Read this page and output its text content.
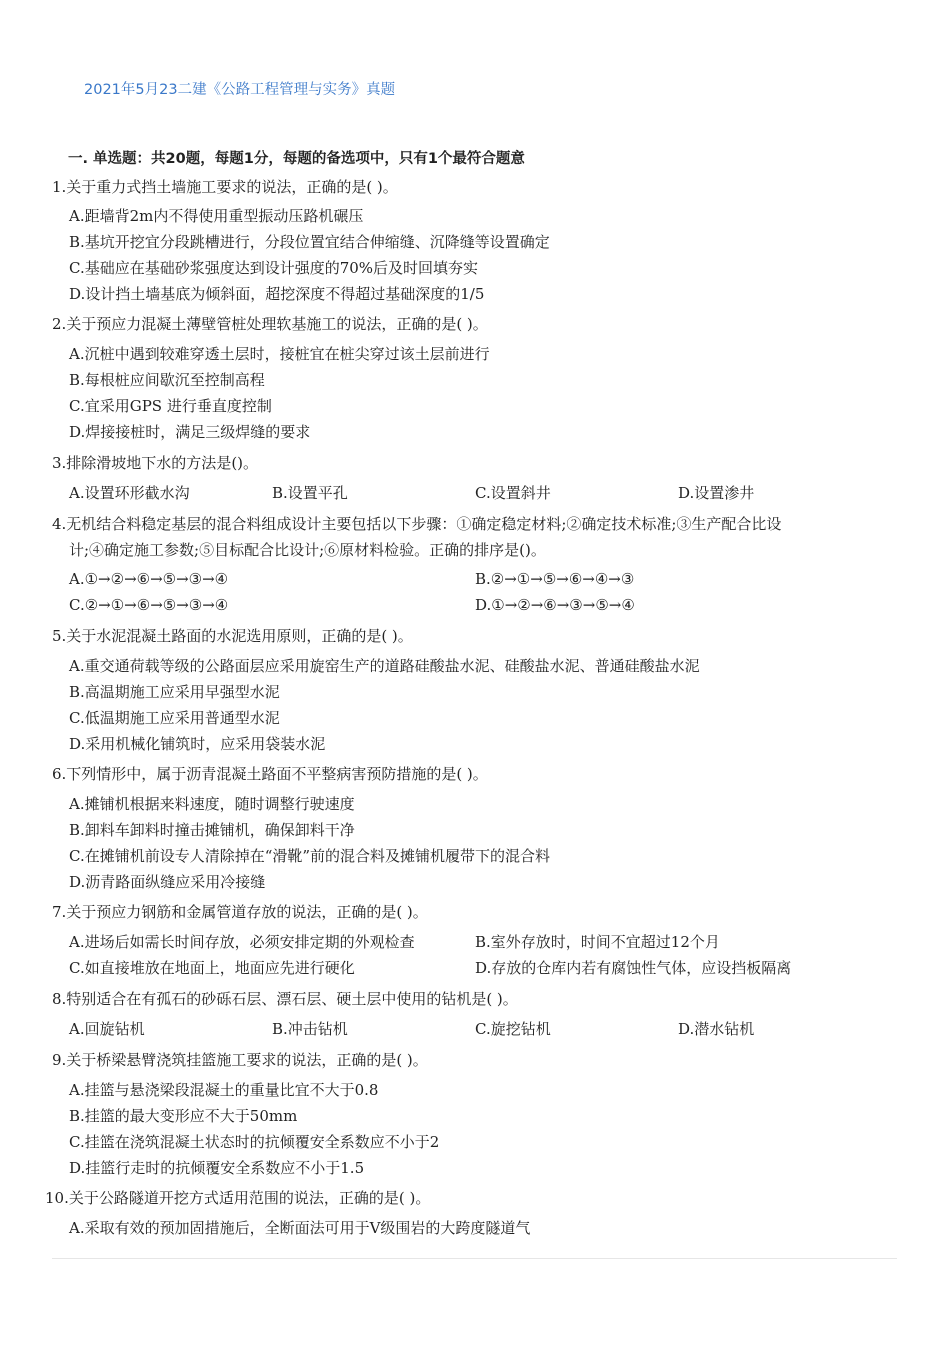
2021年5月23二建《公路工程管理与实务》真题
一. 单选题：共20题，每题1分，每题的备选项中，只有1个最符合题意
1.关于重力式挡土墙施工要求的说法，正确的是( )。
A.距墙背2m内不得使用重型振动压路机碾压
B.基坑开挖宜分段跳槽进行，分段位置宜结合伸缩缝、沉降缝等设置确定
C.基础应在基础砂浆强度达到设计强度的70%后及时回填夯实
D.设计挡土墙基底为倾斜面，超挖深度不得超过基础深度的1/5
2.关于预应力混凝土薄壁管桩处理软基施工的说法，正确的是( )。
A.沉桩中遇到较难穿透土层时，接桩宜在桩尖穿过该土层前进行
B.每根桩应间歇沉至控制高程
C.宜采用GPS 进行垂直度控制
D.焊接接桩时，满足三级焊缝的要求
3.排除滑坡地下水的方法是()。
A.设置环形截水沟	B.设置平孔	C.设置斜井	D.设置渗井
4.无机结合料稳定基层的混合料组成设计主要包括以下步骤：①确定稳定材料;②确定技术标准;③生产配合比设
计;④确定施工参数;⑤目标配合比设计;⑥原材料检验。正确的排序是()。
A.①→②→⑥→⑤→③→④	B.②→①→⑤→⑥→④→③
C.②→①→⑥→⑤→③→④	D.①→②→⑥→③→⑤→④
5.关于水泥混凝土路面的水泥选用原则，正确的是( )。
A.重交通荷载等级的公路面层应采用旋窑生产的道路硅酸盐水泥、硅酸盐水泥、普通硅酸盐水泥
B.高温期施工应采用早强型水泥
C.低温期施工应采用普通型水泥
D.采用机械化铺筑时，应采用袋装水泥
6.下列情形中，属于沥青混凝土路面不平整病害预防措施的是( )。
A.摊铺机根据来料速度，随时调整行驶速度
B.卸料车卸料时撞击摊铺机，确保卸料干净
C.在摊铺机前设专人清除掉在“滑靴”前的混合料及摊铺机履带下的混合料
D.沥青路面纵缝应采用冷接缝
7.关于预应力钢筋和金属管道存放的说法，正确的是( )。
A.进场后如需长时间存放，必须安排定期的外观检查	B.室外存放时，时间不宜超过12个月
C.如直接堆放在地面上，地面应先进行硬化	D.存放的仓库内若有腐蚀性气体，应设挡板隔离
8.特别适合在有孤石的砂砾石层、漂石层、硬土层中使用的钻机是( )。
A.回旋钻机	B.冲击钻机	C.旋挖钻机	D.潜水钻机
9.关于桥梁悬臂浇筑挂篮施工要求的说法，正确的是( )。
A.挂篮与悬浇梁段混凝土的重量比宜不大于0.8
B.挂篮的最大变形应不大于50mm
C.挂篮在浇筑混凝土状态时的抗倾覆安全系数应不小于2
D.挂篮行走时的抗倾覆安全系数应不小于1.5
10.关于公路隧道开挖方式适用范围的说法，正确的是( )。
A.采取有效的预加固措施后，全断面法可用于V级围岩的大跨度隧道气
